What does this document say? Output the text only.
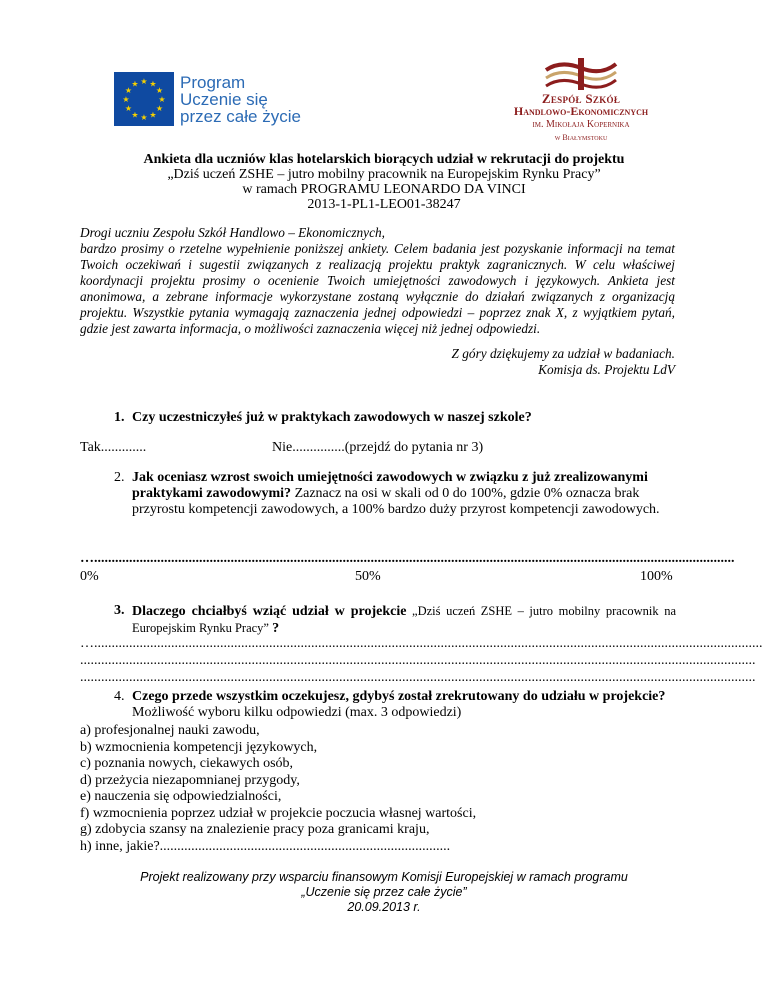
★ ★
★
★
★
★
★
★
★
★
★
★ Program
Uczenie się
przez całe życie
Zespół Szkół
Handlowo-Ekonomicznych
im. Mikołaja Kopernika
w Białymstoku
Ankieta dla uczniów klas hotelarskich biorących udział w rekrutacji do projektu
„Dziś uczeń ZSHE – jutro mobilny pracownik na Europejskim Rynku Pracy”
w ramach PROGRAMU LEONARDO DA VINCI
2013-1-PL1-LEO01-38247

Drogi uczniu Zespołu Szkół Handlowo – Ekonomicznych,

bardzo prosimy o rzetelne wypełnienie poniższej ankiety. Celem badania jest pozyskanie informacji na temat Twoich oczekiwań i sugestii związanych z realizacją projektu praktyk zagranicznych. W celu właściwej koordynacji projektu prosimy o ocenienie Twoich umiejętności zawodowych i językowych. Ankieta jest anonimowa, a zebrane informacje wykorzystane zostaną wyłącznie do działań związanych z organizacją projektu. Wszystkie pytania wymagają zaznaczenia jednej odpowiedzi – poprzez znak X, z wyjątkiem pytań, gdzie jest zawarta informacja, o możliwości zaznaczenia więcej niż jednej odpowiedzi.

Z góry dziękujemy za udział w badaniach.
Komisja ds. Projektu LdV
1. Czy uczestniczyłeś już w praktykach zawodowych w naszej szkole?
Tak.............	Nie...............(przejdź do pytania nr 3)
2. Jak oceniasz wzrost swoich umiejętności zawodowych w związku z już zrealizowanymi praktykami zawodowymi? Zaznacz na osi w skali od 0 do 100%, gdzie 0% oznacza brak przyrostu kompetencji zawodowych, a 100% bardzo duży przyrost kompetencji zawodowych.
….......................................................................................................................................................................................
0%	50%	100%
3. Dlaczego chciałbyś wziąć udział w projekcie „Dziś uczeń ZSHE – jutro mobilny pracownik na Europejskim Rynku Pracy” ?
…...............................................................................................................................................................................................
.................................................................................................................................................................................................
.................................................................................................................................................................................................
4. Czego przede wszystkim oczekujesz, gdybyś został zrekrutowany do udziału w projekcie? Możliwość wyboru kilku odpowiedzi (max. 3 odpowiedzi)
a) profesjonalnej nauki zawodu,
b) wzmocnienia kompetencji językowych,
c) poznania nowych, ciekawych osób,
d) przeżycia niezapomnianej przygody,
e) nauczenia się odpowiedzialności,
f) wzmocnienia poprzez udział w projekcie poczucia własnej wartości,
g) zdobycia szansy na znalezienie pracy poza granicami kraju,
h) inne, jakie?...................................................................................
Projekt realizowany przy wsparciu finansowym Komisji Europejskiej w ramach programu
„Uczenie się przez całe życie”
20.09.2013 r.
